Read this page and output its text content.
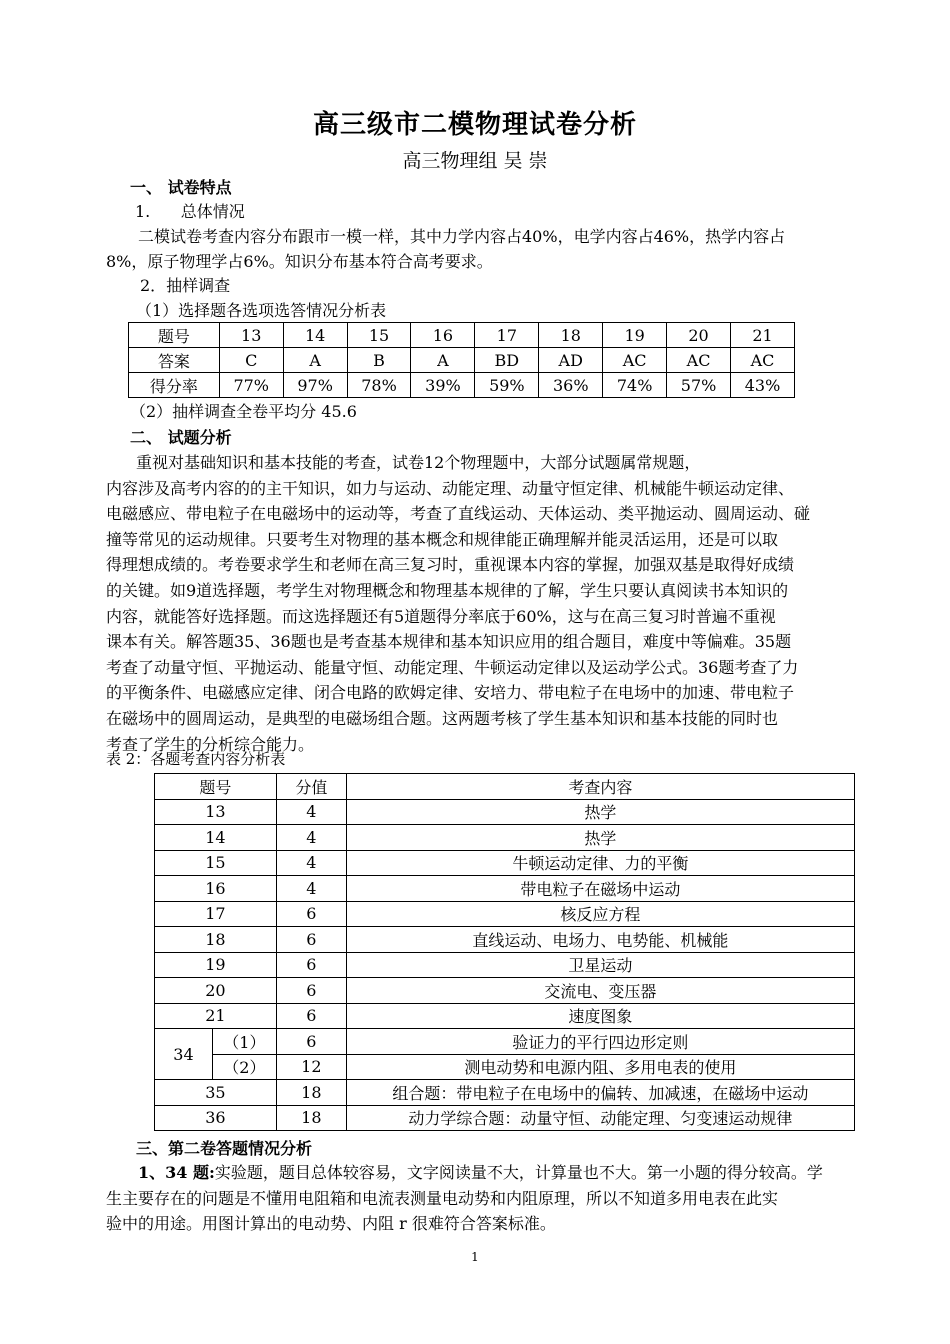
高三级市二模物理试卷分析
高三物理组 吴 崇
一、 试卷特点
1.      总体情况
二模试卷考查内容分布跟市一模一样，其中力学内容占40%，电学内容占46%，热学内容占
8%，原子物理学占6%。知识分布基本符合高考要求。
2．抽样调查
（1）选择题各选项选答情况分析表
题号	13	14	15	16	17	18	19	20	21
答案	C	A	B	A	BD	AD	AC	AC	AC
得分率	77%	97%	78%	39%	59%	36%	74%	57%	43%
（2）抽样调查全卷平均分 45.6
二、 试题分析
重视对基础知识和基本技能的考查，试卷12个物理题中，大部分试题属常规题，
内容涉及高考内容的的主干知识，如力与运动、动能定理、动量守恒定律、机械能牛顿运动定律、
电磁感应、带电粒子在电磁场中的运动等，考查了直线运动、天体运动、类平抛运动、圆周运动、碰
撞等常见的运动规律。只要考生对物理的基本概念和规律能正确理解并能灵活运用，还是可以取
得理想成绩的。考卷要求学生和老师在高三复习时，重视课本内容的掌握，加强双基是取得好成绩
的关键。如9道选择题，考学生对物理概念和物理基本规律的了解，学生只要认真阅读书本知识的
内容，就能答好选择题。而这选择题还有5道题得分率底于60%，这与在高三复习时普遍不重视
课本有关。解答题35、36题也是考查基本规律和基本知识应用的组合题目，难度中等偏难。35题
考查了动量守恒、平抛运动、能量守恒、动能定理、牛顿运动定律以及运动学公式。36题考查了力
的平衡条件、电磁感应定律、闭合电路的欧姆定律、安培力、带电粒子在电场中的加速、带电粒子
在磁场中的圆周运动，是典型的电磁场组合题。这两题考核了学生基本知识和基本技能的同时也
考查了学生的分析综合能力。
表 2：各题考查内容分析表
题号		分值	考查内容
13		4	热学
14		4	热学
15		4	牛顿运动定律、力的平衡
16		4	带电粒子在磁场中运动
17		6	核反应方程
18		6	直线运动、电场力、电势能、机械能
19		6	卫星运动
20		6	交流电、变压器
21		6	速度图象
34	（1）	6	验证力的平行四边形定则
	（2）	12	测电动势和电源内阻、多用电表的使用
35		18	组合题：带电粒子在电场中的偏转、加减速，在磁场中运动
36		18	动力学综合题：动量守恒、动能定理、匀变速运动规律
三、第二卷答题情况分析
1、34 题:实验题，题目总体较容易，文字阅读量不大，计算量也不大。第一小题的得分较高。学
生主要存在的问题是不懂用电阻箱和电流表测量电动势和内阻原理，所以不知道多用电表在此实
验中的用途。用图计算出的电动势、内阻 r 很难符合答案标准。
1
